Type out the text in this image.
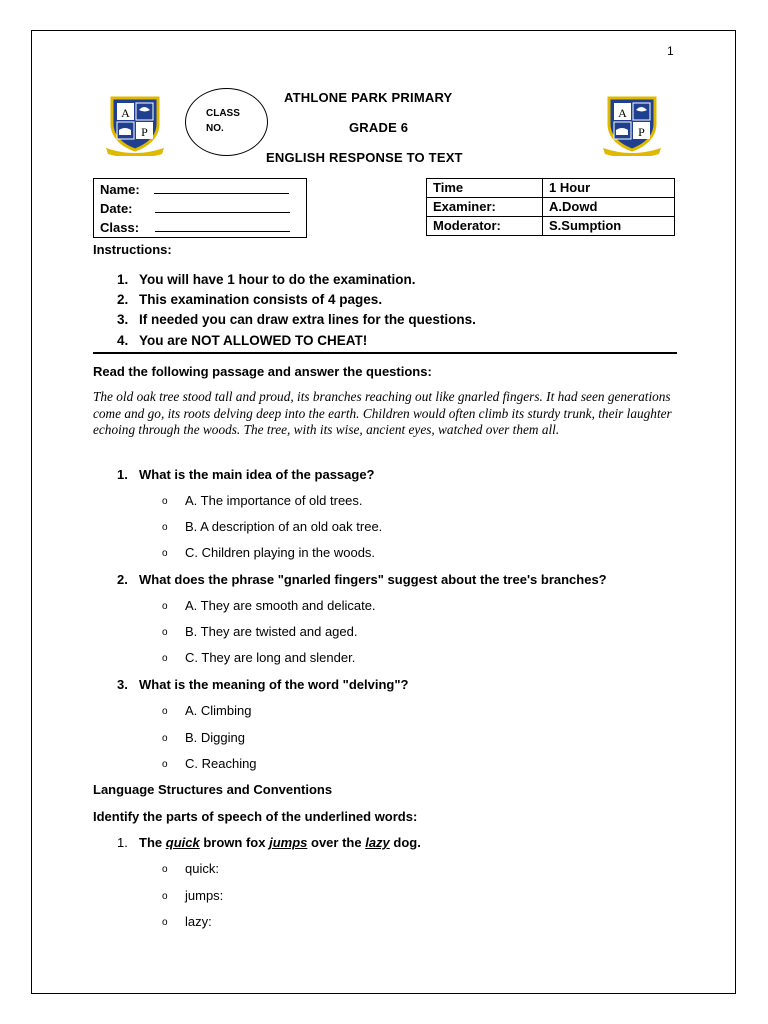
1
A
P
A
P
CLASS
NO.
ATHLONE PARK PRIMARY
GRADE 6
ENGLISH RESPONSE TO TEXT
Name:
Date:
Class:
Time	1 Hour
Examiner:	A.Dowd
Moderator:	S.Sumption
Instructions:
1. You will have 1 hour to do the examination.
2. This examination consists of 4 pages.
3. If needed you can draw extra lines for the questions.
4. You are NOT ALLOWED TO CHEAT!
Read the following passage and answer the questions:
The old oak tree stood tall and proud, its branches reaching out like gnarled fingers. It had seen generations come and go, its roots delving deep into the earth. Children would often climb its sturdy trunk, their laughter echoing through the woods. The tree, with its wise, ancient eyes, watched over them all.
1. What is the main idea of the passage?
o A. The importance of old trees.
o B. A description of an old oak tree.
o C. Children playing in the woods.
2. What does the phrase "gnarled fingers" suggest about the tree's branches?
o A. They are smooth and delicate.
o B. They are twisted and aged.
o C. They are long and slender.
3. What is the meaning of the word "delving"?
o A. Climbing
o B. Digging
o C. Reaching
Language Structures and Conventions
Identify the parts of speech of the underlined words:
1. The quick brown fox jumps over the lazy dog.
o quick:
o jumps:
o lazy:
